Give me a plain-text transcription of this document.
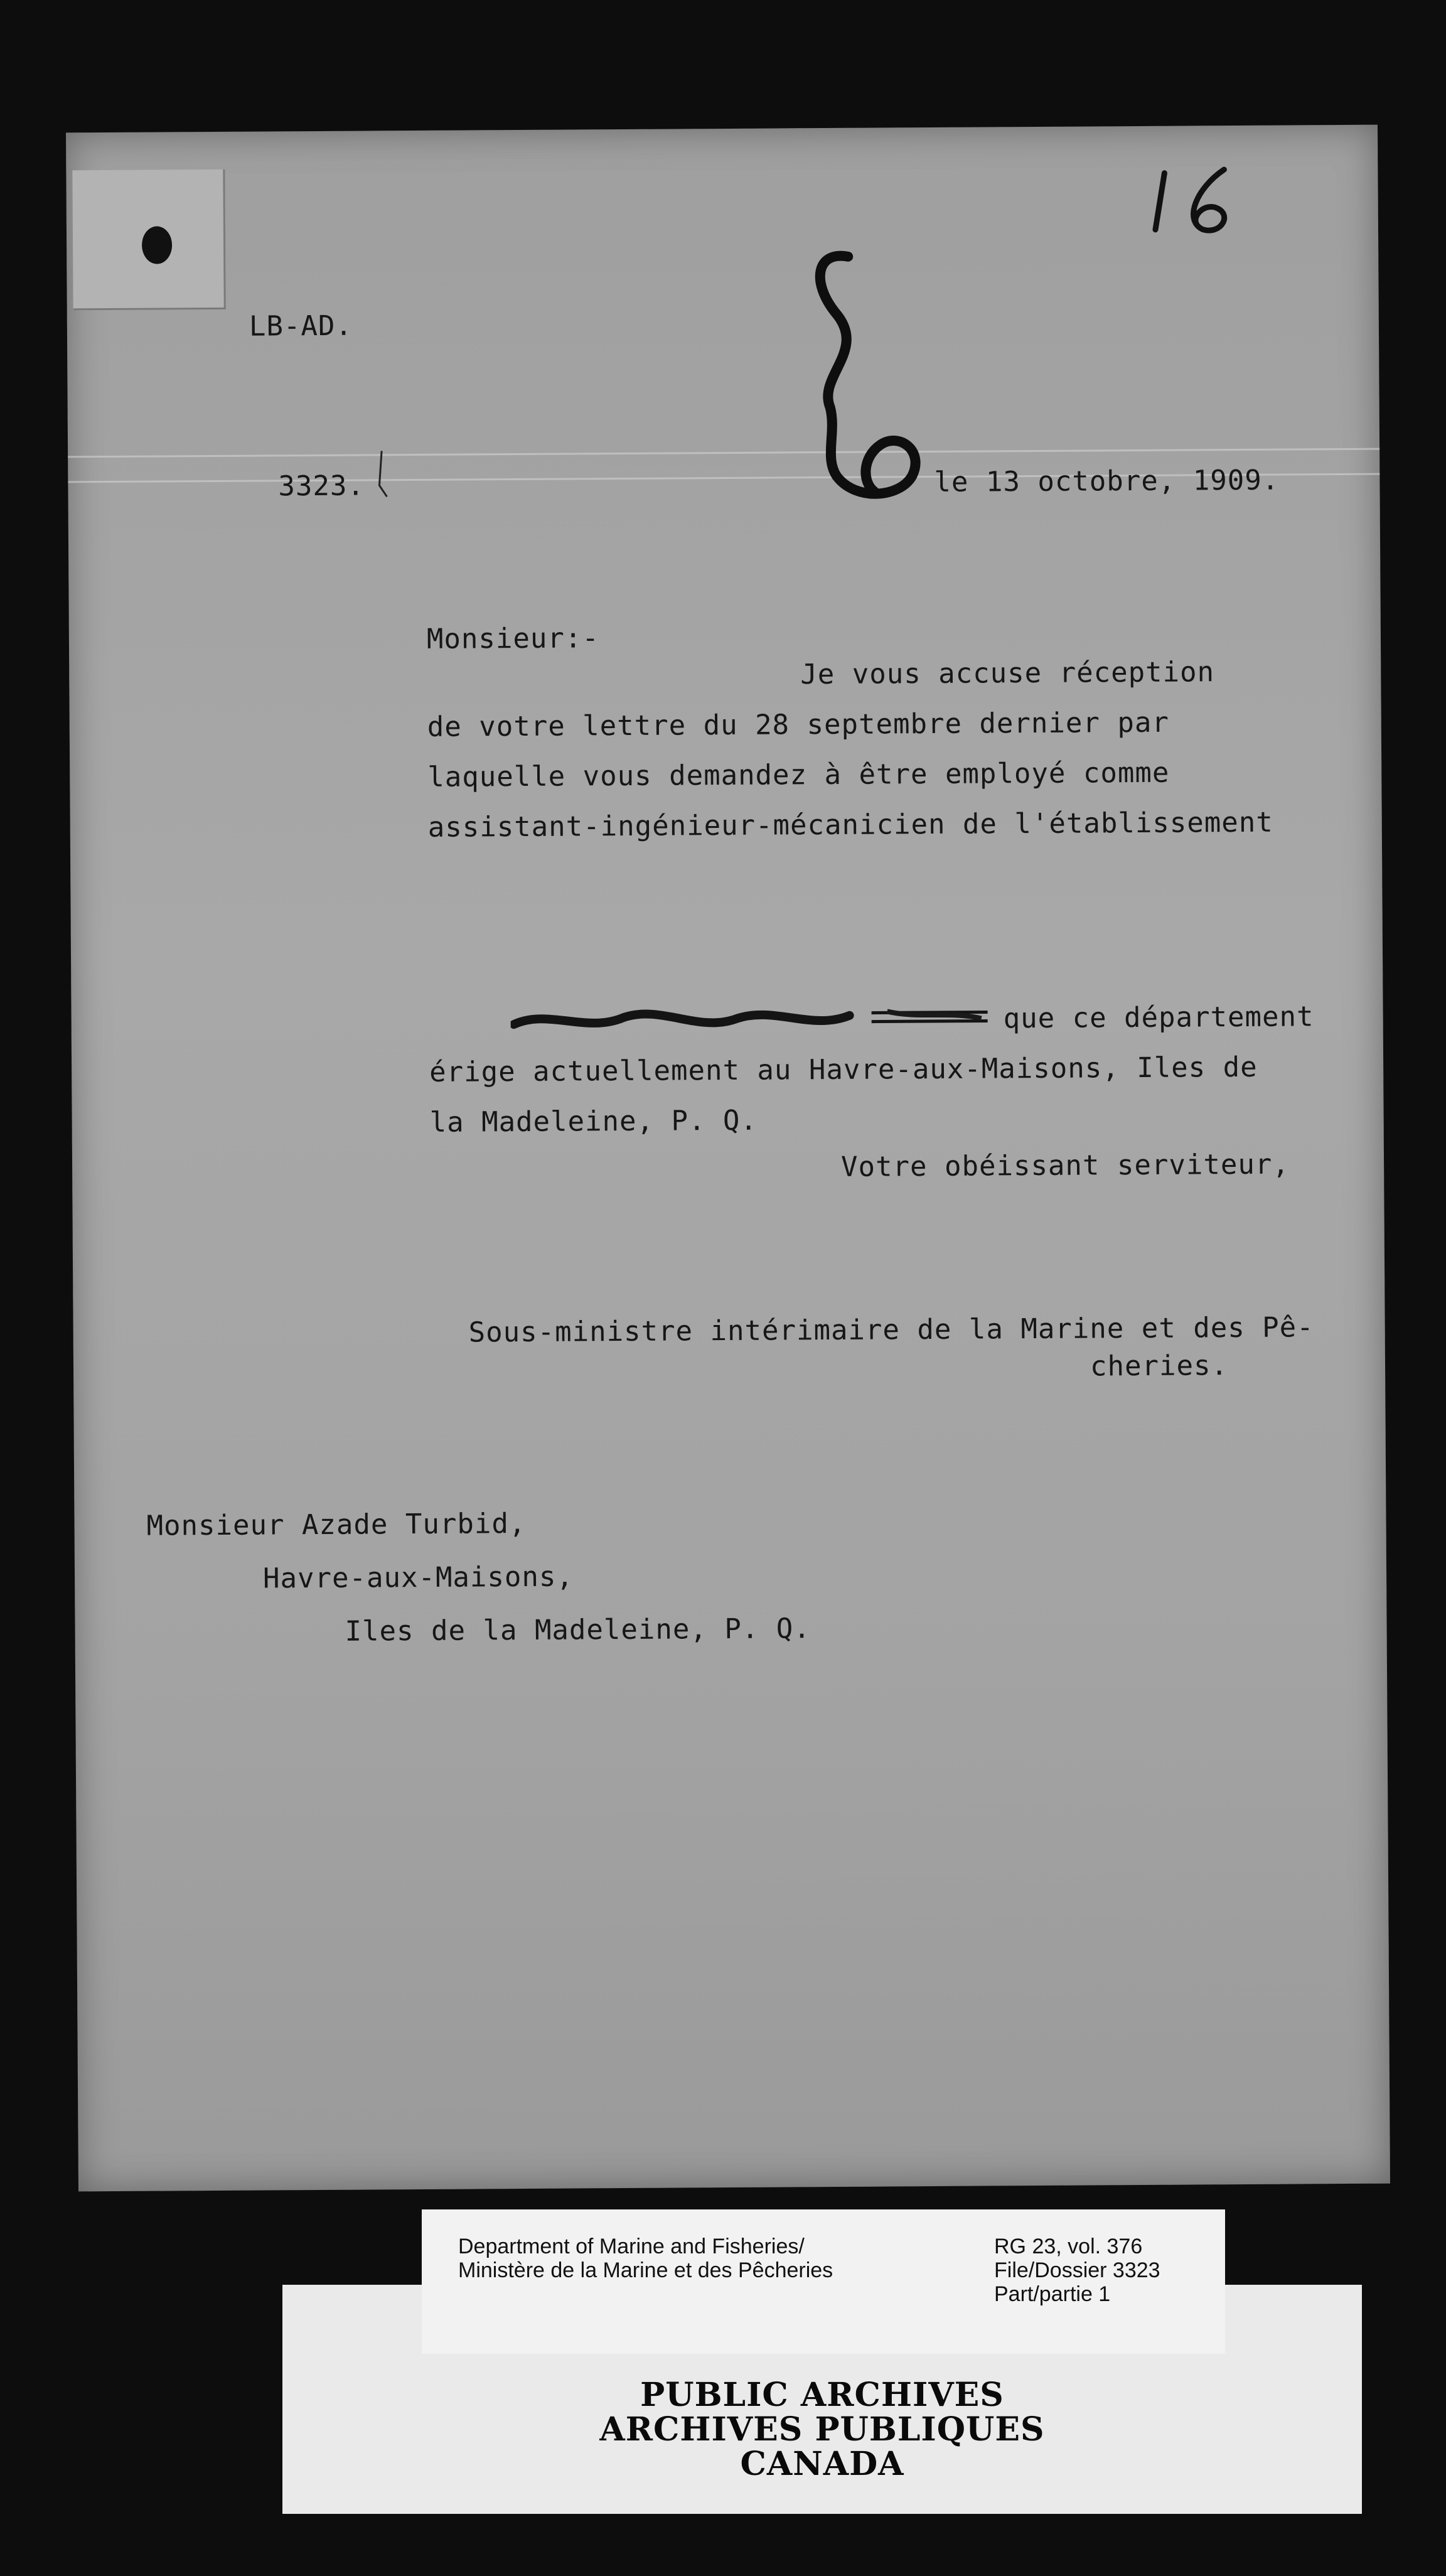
LB-AD.
3323.	le 13 octobre, 1909.
Monsieur:-
Je vous accuse réception
de votre lettre du 28 septembre dernier par
laquelle vous demandez à être employé comme
assistant-ingénieur-mécanicien de l'établissement
que ce département
érige actuellement au Havre-aux-Maisons, Iles de
la Madeleine, P. Q.
Votre obéissant serviteur,
Sous-ministre intérimaire de la Marine et des Pê-
cheries.
Monsieur Azade Turbid,
Havre-aux-Maisons,
Iles de la Madeleine, P. Q.
PUBLIC ARCHIVES
ARCHIVES PUBLIQUES
CANADA
Department of Marine and Fisheries/
Ministère de la Marine et des Pêcheries
RG 23, vol. 376
File/Dossier 3323
Part/partie 1
